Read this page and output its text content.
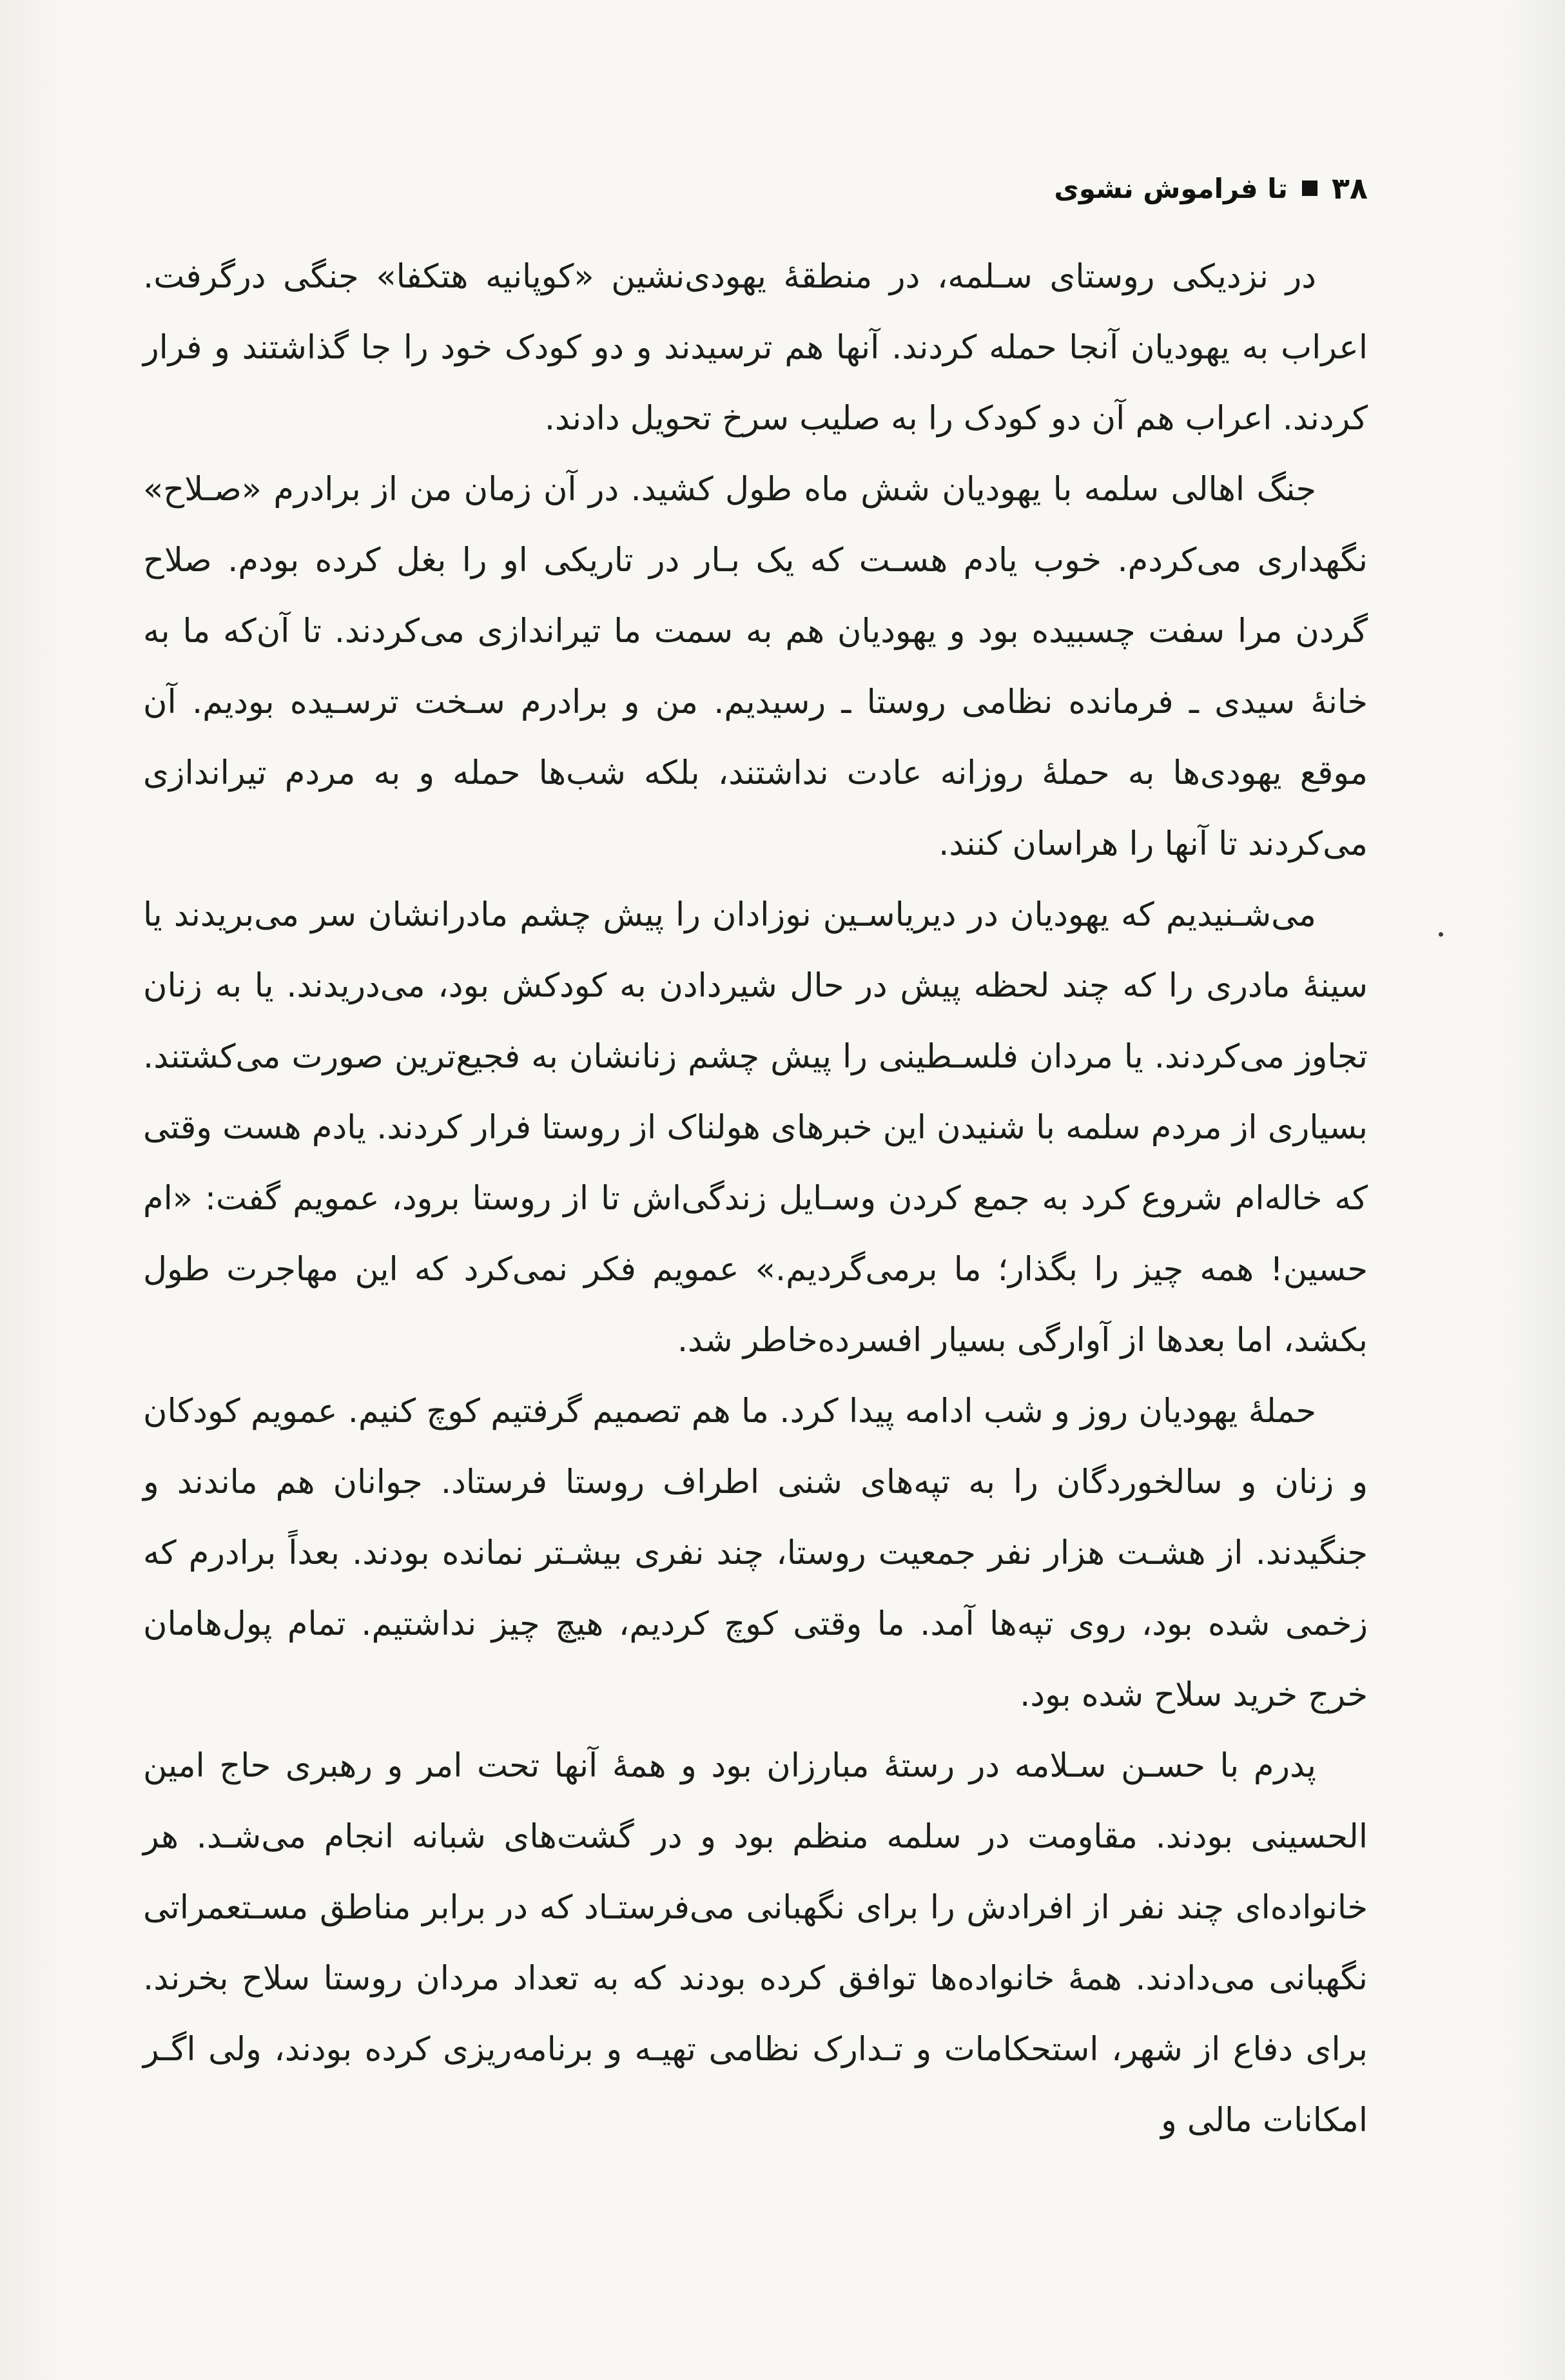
۳۸
تا فراموش نشوی

در نزدیکی روستای سـلمه، در منطقهٔ یهودی‌نشین «کوپانیه هتکفا» جنگی درگرفت. اعراب به یهودیان آنجا حمله کردند. آنها هم ترسیدند و دو کودک خود را جا گذاشتند و فرار کردند. اعراب هم آن دو کودک را به صلیب سرخ تحویل دادند.

جنگ اهالی سلمه با یهودیان شش ماه طول کشید. در آن زمان من از برادرم «صـلاح» نگهداری می‌کردم. خوب یادم هسـت که یک بـار در تاریکی او را بغل کرده بودم. صلاح گردن مرا سفت چسبیده بود و یهودیان هم به سمت ما تیراندازی می‌کردند. تا آن‌که ما به خانهٔ سیدی ـ فرمانده نظامی روستا ـ رسیدیم. من و برادرم سـخت ترسـیده بودیم. آن موقع یهودی‌ها به حملهٔ روزانه عادت نداشتند، بلکه شب‌ها حمله و به مردم تیراندازی می‌کردند تا آنها را هراسان کنند.

می‌شـنیدیم که یهودیان در دیریاسـین نوزادان را پیش چشم مادرانشان سر می‌بریدند یا سینهٔ مادری را که چند لحظه پیش در حال شیردادن به کودکش بود، می‌دریدند. یا به زنان تجاوز می‌کردند. یا مردان فلسـطینی را پیش چشم زنانشان به فجیع‌ترین صورت می‌کشتند. بسیاری از مردم سلمه با شنیدن این خبرهای هولناک از روستا فرار کردند. یادم هست وقتی که خاله‌ام شروع کرد به جمع کردن وسـایل زندگی‌اش تا از روستا برود، عمویم گفت: «ام حسین! همه چیز را بگذار؛ ما برمی‌گردیم.» عمویم فکر نمی‌کرد که این مهاجرت طول بکشد، اما بعدها از آوارگی بسیار افسرده‌خاطر شد.

حملهٔ یهودیان روز و شب ادامه پیدا کرد. ما هم تصمیم گرفتیم کوچ کنیم. عمویم کودکان و زنان و سالخوردگان را به تپه‌های شنی اطراف روستا فرستاد. جوانان هم ماندند و جنگیدند. از هشـت هزار نفر جمعیت روستا، چند نفری بیشـتر نمانده بودند. بعداً برادرم که زخمی شده بود، روی تپه‌ها آمد. ما وقتی کوچ کردیم، هیچ چیز نداشتیم. تمام پول‌هامان خرج خرید سلاح شده بود.

پدرم با حسـن سـلامه در رستهٔ مبارزان بود و همهٔ آنها تحت امر و رهبری حاج امین الحسینی بودند. مقاومت در سلمه منظم بود و در گشت‌های شبانه انجام می‌شـد. هر خانواده‌ای چند نفر از افرادش را برای نگهبانی می‌فرستـاد که در برابر مناطق مسـتعمراتی نگهبانی می‌دادند. همهٔ خانواده‌ها توافق کرده بودند که به تعداد مردان روستا سلاح بخرند. برای دفاع از شهر، استحکامات و تـدارک نظامی تهیـه و برنامه‌ریزی کرده بودند، ولی اگـر امکانات مالی و
